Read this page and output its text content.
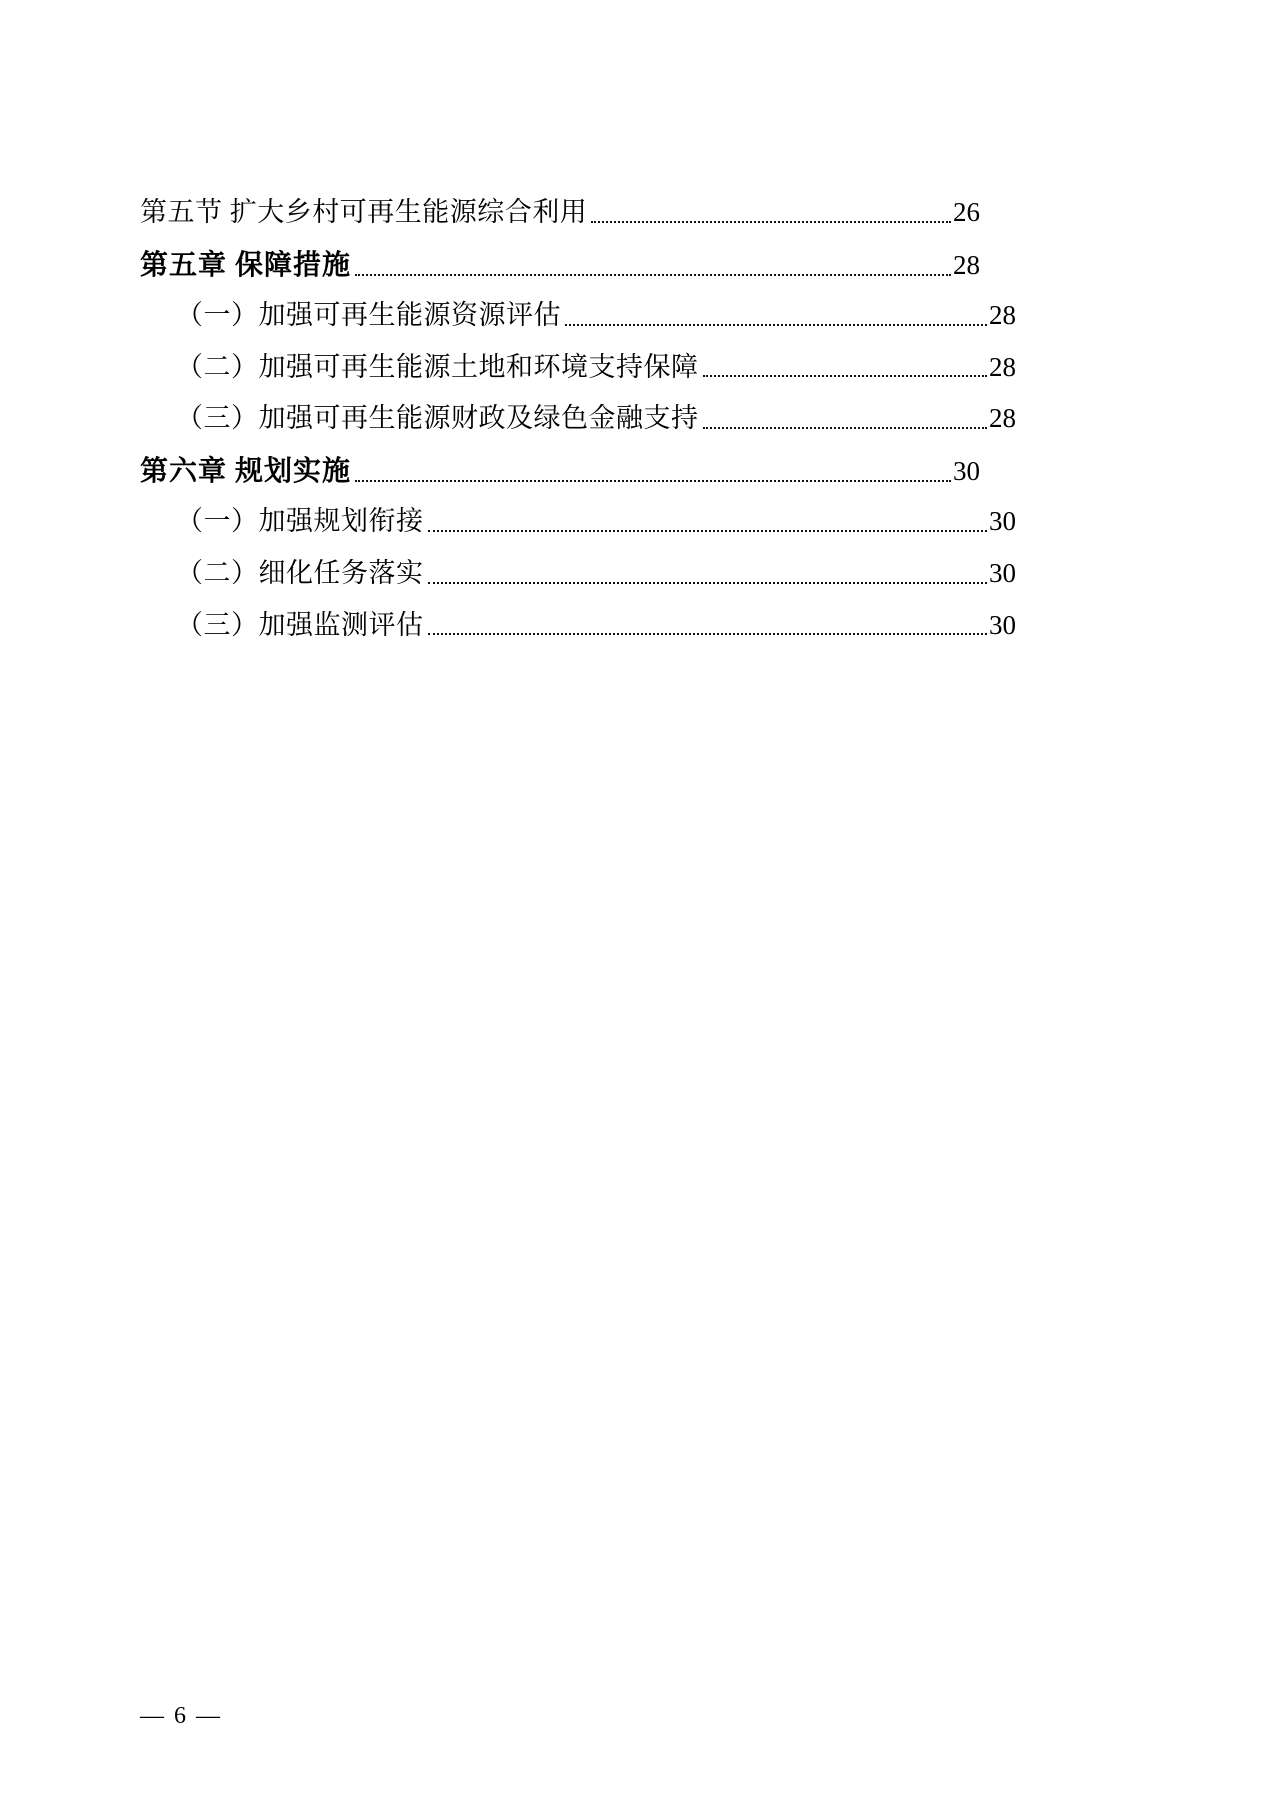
第五节 扩大乡村可再生能源综合利用	26
第五章 保障措施	28
（一）加强可再生能源资源评估	28
（二）加强可再生能源土地和环境支持保障	28
（三）加强可再生能源财政及绿色金融支持	28
第六章 规划实施	30
（一）加强规划衔接	30
（二）细化任务落实	30
（三）加强监测评估	30
— 6 —
